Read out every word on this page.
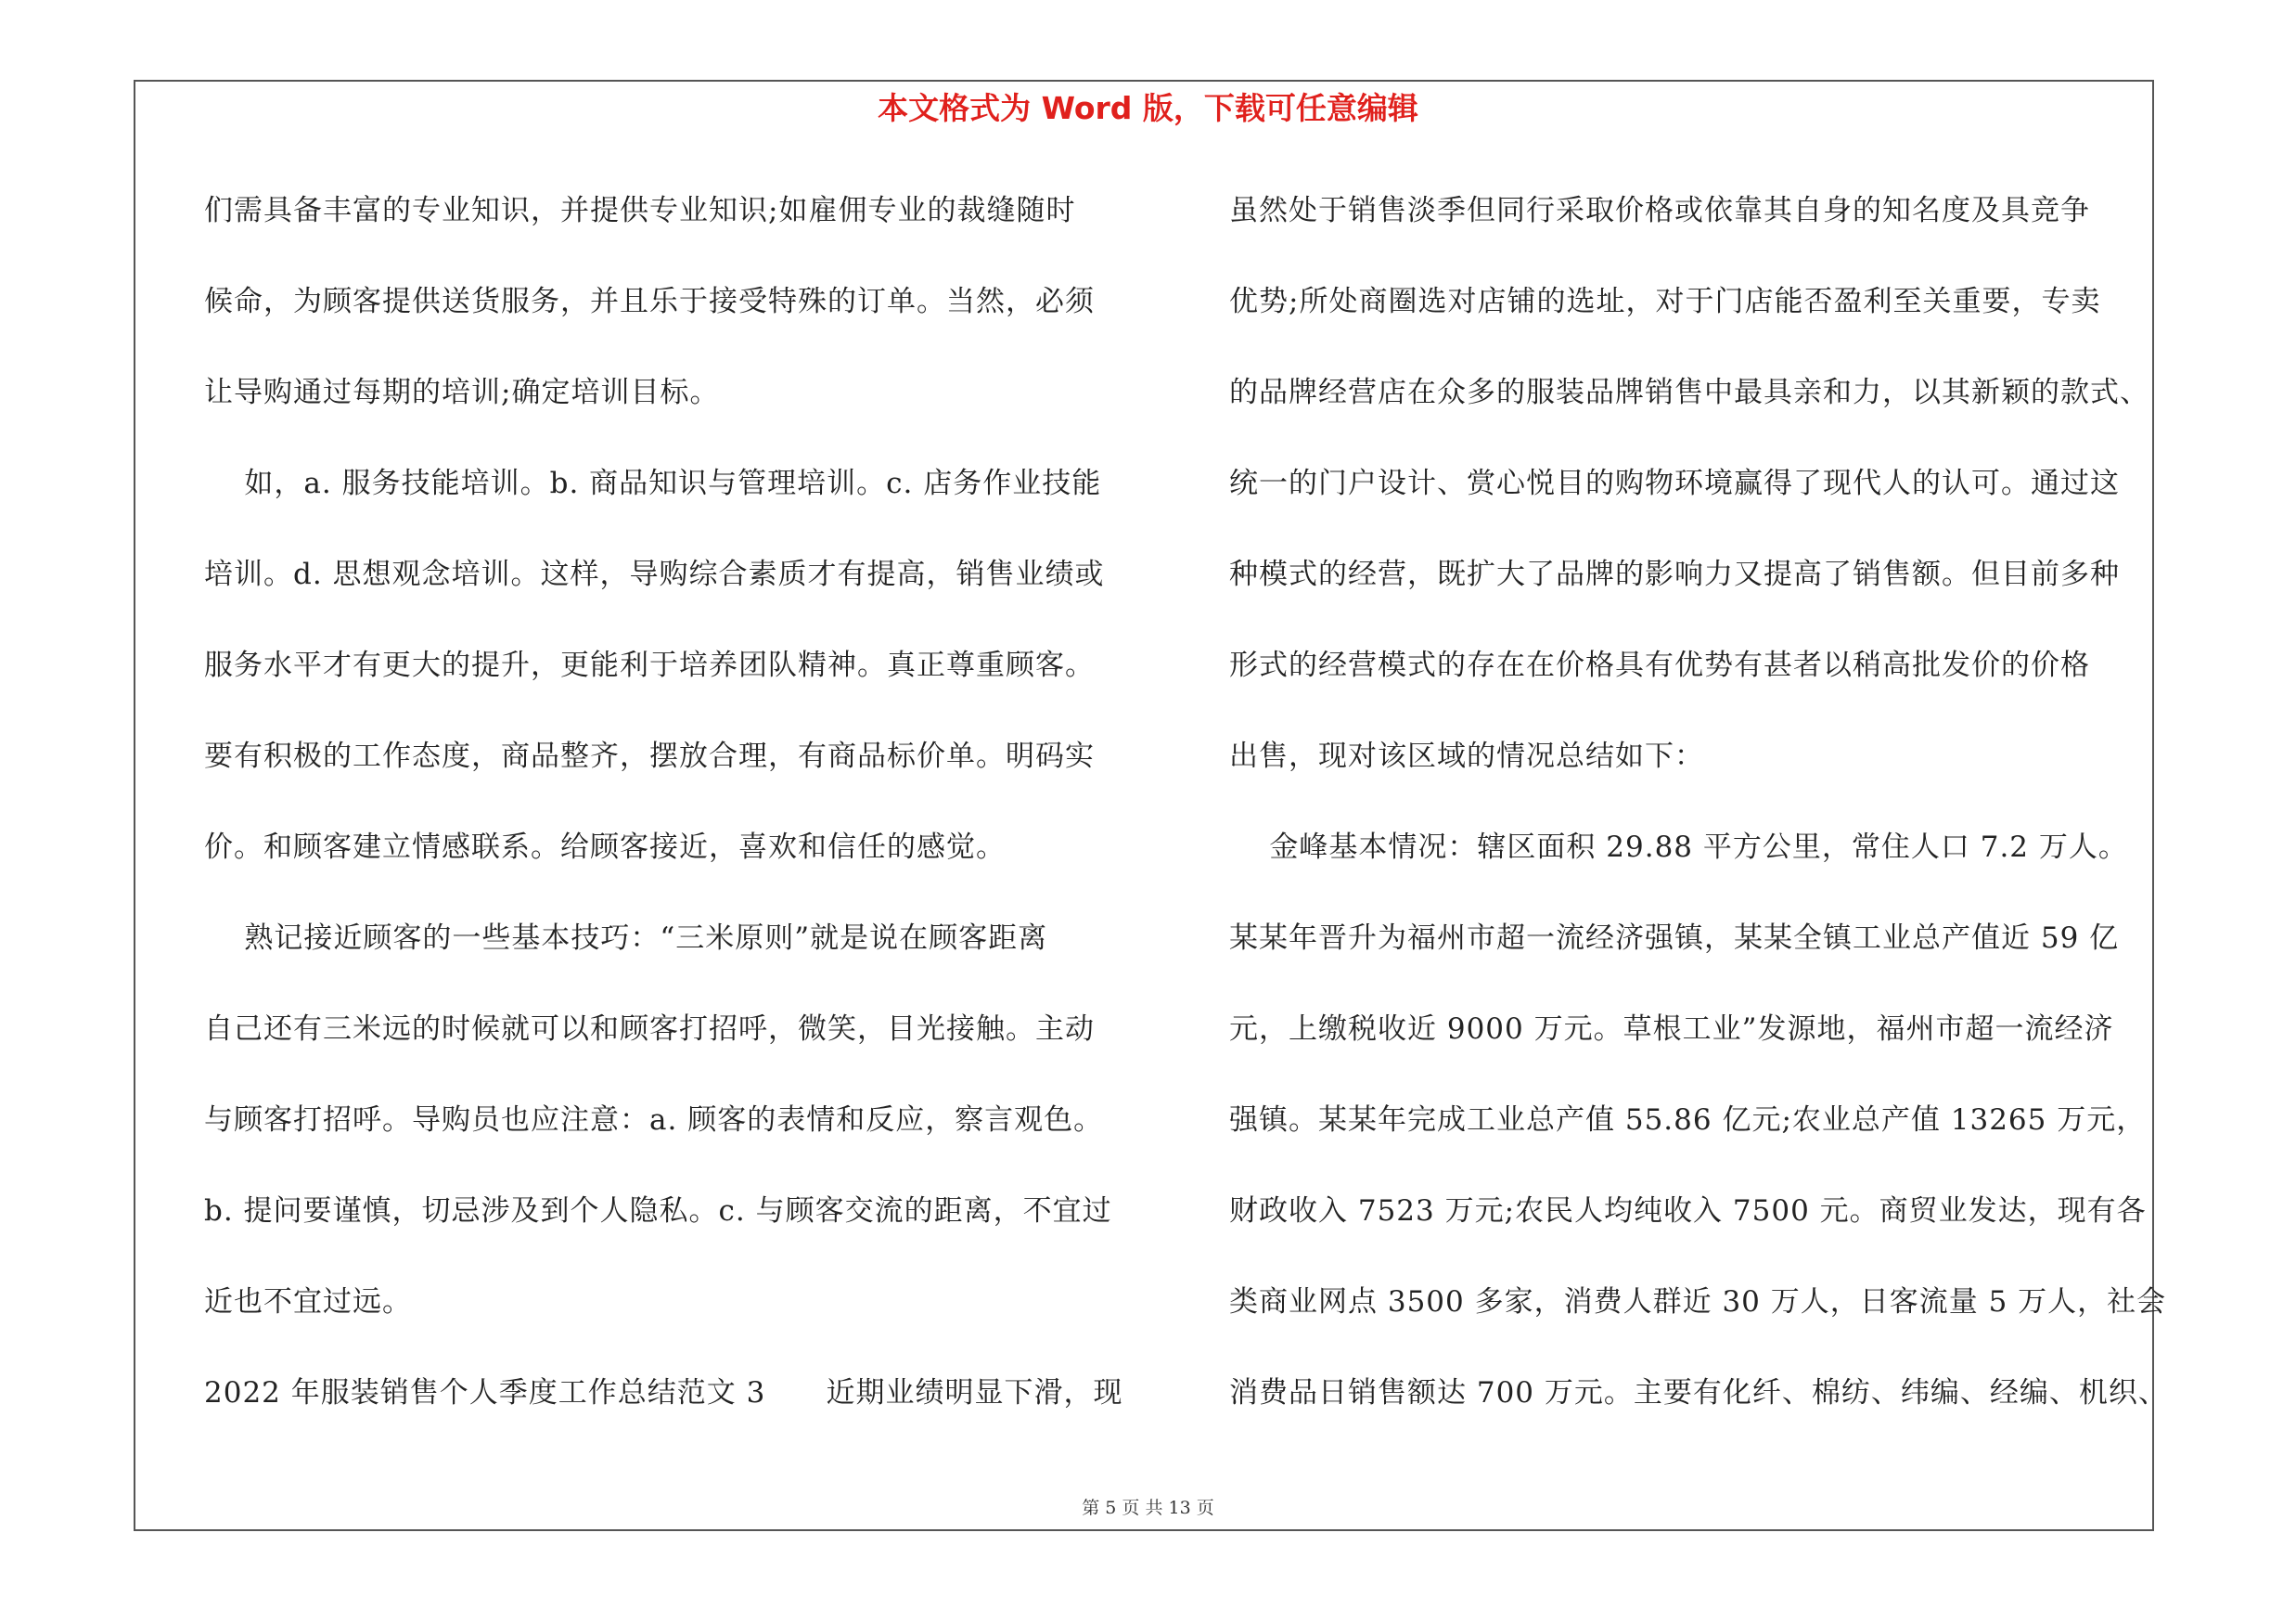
本文格式为 Word 版，下载可任意编辑
们需具备丰富的专业知识，并提供专业知识;如雇佣专业的裁缝随时
候命，为顾客提供送货服务，并且乐于接受特殊的订单。当然，必须
让导购通过每期的培训;确定培训目标。
如，a. 服务技能培训。b. 商品知识与管理培训。c. 店务作业技能
培训。d. 思想观念培训。这样，导购综合素质才有提高，销售业绩或
服务水平才有更大的提升，更能利于培养团队精神。真正尊重顾客。
要有积极的工作态度，商品整齐，摆放合理，有商品标价单。明码实
价。和顾客建立情感联系。给顾客接近，喜欢和信任的感觉。
熟记接近顾客的一些基本技巧：“三米原则”就是说在顾客距离
自己还有三米远的时候就可以和顾客打招呼，微笑，目光接触。主动
与顾客打招呼。导购员也应注意：a. 顾客的表情和反应，察言观色。
b. 提问要谨慎，切忌涉及到个人隐私。c. 与顾客交流的距离，不宜过
近也不宜过远。
2022 年服装销售个人季度工作总结范文 3      近期业绩明显下滑，现
虽然处于销售淡季但同行采取价格或依靠其自身的知名度及具竞争
优势;所处商圈选对店铺的选址，对于门店能否盈利至关重要，专卖
的品牌经营店在众多的服装品牌销售中最具亲和力，以其新颖的款式、
统一的门户设计、赏心悦目的购物环境赢得了现代人的认可。通过这
种模式的经营，既扩大了品牌的影响力又提高了销售额。但目前多种
形式的经营模式的存在在价格具有优势有甚者以稍高批发价的价格
出售，现对该区域的情况总结如下：
金峰基本情况：辖区面积 29.88 平方公里，常住人口 7.2 万人。
某某年晋升为福州市超一流经济强镇，某某全镇工业总产值近 59 亿
元，上缴税收近 9000 万元。草根工业”发源地，福州市超一流经济
强镇。某某年完成工业总产值 55.86 亿元;农业总产值 13265 万元，
财政收入 7523 万元;农民人均纯收入 7500 元。商贸业发达，现有各
类商业网点 3500 多家，消费人群近 30 万人，日客流量 5 万人，社会
消费品日销售额达 700 万元。主要有化纤、棉纺、纬编、经编、机织、
第 5 页 共 13 页
